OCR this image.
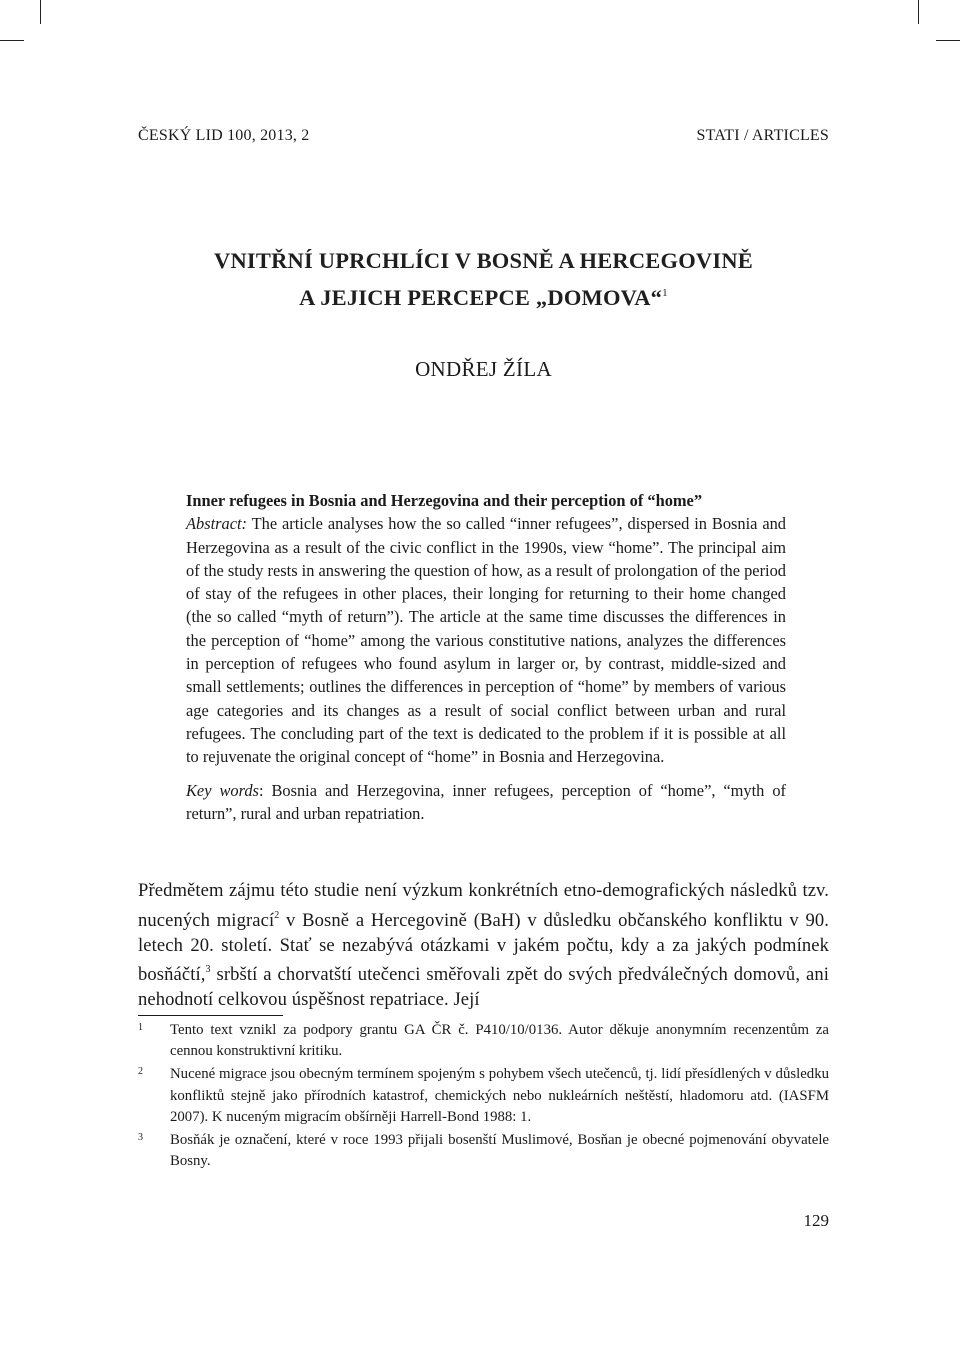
ČESKÝ LID 100, 2013, 2	STATI / ARTICLES
VNITŘNÍ UPRCHLÍCI V BOSNĚ A HERCEGOVINĚ
A JEJICH PERCEPCE „DOMOVA“$^1$
ONDŘEJ ŽÍLA

Inner refugees in Bosnia and Herzegovina and their perception of “home”

Abstract: The article analyses how the so called “inner refugees”, dispersed in Bosnia and Herzegovina as a result of the civic conflict in the 1990s, view “home”. The principal aim of the study rests in answering the question of how, as a result of prolongation of the period of stay of the refugees in other places, their longing for returning to their home changed (the so called “myth of return”). The article at the same time discusses the differences in the perception of “home” among the various constitutive nations, analyzes the differences in perception of refugees who found asylum in larger or, by contrast, middle-sized and small settlements; outlines the differences in perception of “home” by members of various age categories and its changes as a result of social conflict between urban and rural refugees. The concluding part of the text is dedicated to the problem if it is possible at all to rejuvenate the original concept of “home” in Bosnia and Herzegovina.

Key words: Bosnia and Herzegovina, inner refugees, perception of “home”, “myth of return”, rural and urban repatriation.

Předmětem zájmu této studie není výzkum konkrétních etno-demografických následků tzv. nucených migrací$^2$ v Bosně a Hercegovině (BaH) v důsledku občanského konfliktu v 90. letech 20. století. Stať se nezabývá otázkami v jakém počtu, kdy a za jakých podmínek bosňáčtí,$^3$ srbští a chorvatští utečenci směřovali zpět do svých předválečných domovů, ani nehodnotí celkovou úspěšnost repatriace. Její

1 Tento text vznikl za podpory grantu GA ČR č. P410/10/0136. Autor děkuje anonymním recenzentům za cennou konstruktivní kritiku.
2 Nucené migrace jsou obecným termínem spojeným s pohybem všech utečenců, tj. lidí přesídlených v důsledku konfliktů stejně jako přírodních katastrof, chemických nebo nukleárních neštěstí, hladomoru atd. (IASFM 2007). K nuceným migracím obšírněji Harrell-Bond 1988: 1.
3 Bosňák je označení, které v roce 1993 přijali bosenští Muslimové, Bosňan je obecné pojmenování obyvatele Bosny.
129
